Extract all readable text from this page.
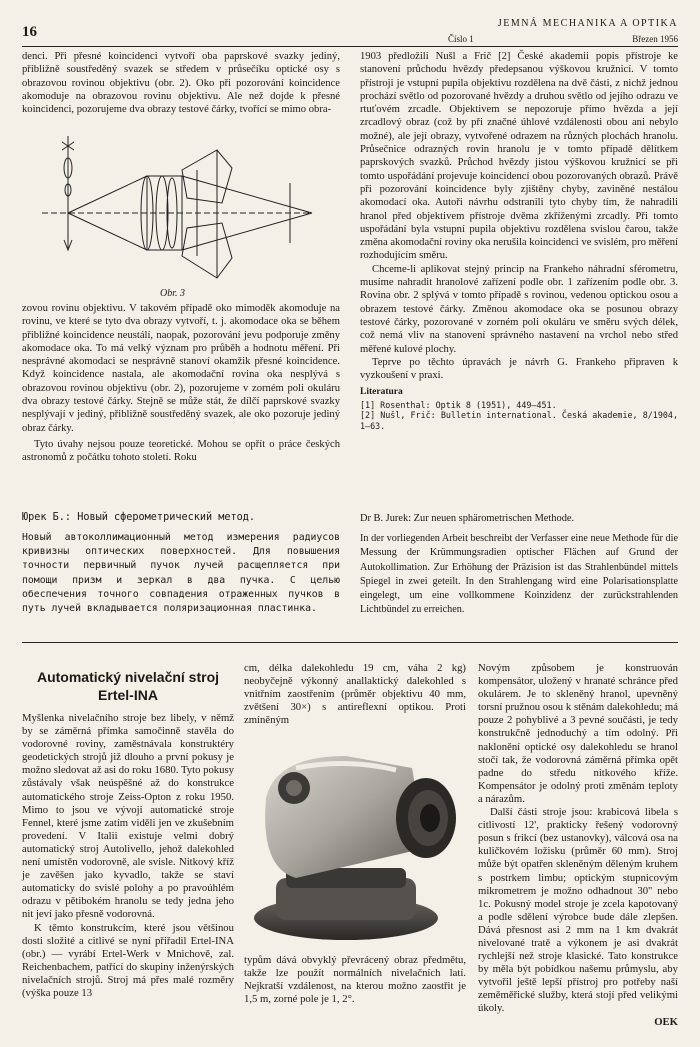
16
JEMNÁ MECHANIKA A OPTIKA
Číslo 1	Březen 1956

denci. Při přesné koincidenci vytvoří oba paprskové svazky jediný, přibližně soustředěný svazek se středem v průsečíku optické osy s obrazovou rovinou objektivu (obr. 2). Oko při pozorování koincidence akomoduje na obrazovou rovinu objektivu. Ale než dojde k přesné koincidenci, pozorujeme dva obrazy testové čárky, tvořící se mimo obra-

Obr. 3

zovou rovinu objektivu. V takovém případě oko mimoděk akomoduje na rovinu, ve které se tyto dva obrazy vytvoří, t. j. akomodace oka se během přibližné koincidence neustálí, naopak, pozorování jevu podporuje změny akomodace oka. To má velký význam pro průběh a hodnotu měření. Při nesprávné akomodaci se nesprávně stanoví okamžik přesné koincidence. Když koincidence nastala, ale akomodační rovina oka nesplývá s obrazovou rovinou objektivu (obr. 2), pozorujeme v zorném poli okuláru dva obrazy testové čárky. Stejně se může stát, že dílčí paprskové svazky nesplývají v jediný, přibližně soustředěný svazek, ale oko pozoruje jediný obraz čárky.

Tyto úvahy nejsou pouze teoretické. Mohou se opřít o práce českých astronomů z počátku tohoto století. Roku

1903 předložili Nušl a Frič [2] České akademii popis přístroje ke stanovení průchodu hvězdy předepsanou výškovou kružnicí. V tomto přístroji je vstupní pupila objektivu rozdělena na dvě části, z nichž jednou prochází světlo od pozorované hvězdy a druhou světlo od jejího odrazu ve rtuťovém zrcadle. Objektivem se nepozoruje přímo hvězda a její zrcadlový obraz (což by při značné úhlové vzdálenosti obou ani nebylo možné), ale její obrazy, vytvořené odrazem na různých plochách hranolu. Průsečnice odrazných rovin hranolu je v tomto případě dělítkem paprskových svazků. Průchod hvězdy jistou výškovou kružnicí se při tomto uspořádání projevuje koincidencí obou pozorovaných obrazů. Právě při pozorování koincidence byly zjištěny chyby, zaviněné nestálou akomodací oka. Autoři návrhu odstranili tyto chyby tím, že nahradili hranol před objektivem přístroje dvěma zkříženými zrcadly. Při tomto uspořádání byla vstupní pupila objektivu rozdělena svislou čarou, takže změna akomodační roviny oka nerušila koincidenci ve svislém, pro měření rozhodujícím směru.

Chceme-li aplikovat stejný princip na Frankeho náhradní sférometru, musíme nahradit hranolové zařízení podle obr. 1 zařízením podle obr. 3. Rovina obr. 2 splývá v tomto případě s rovinou, vedenou optickou osou a obrazem testové čárky. Změnou akomodace oka se posunou obrazy testové čárky, pozorované v zorném poli okuláru ve směru svých délek, což nemá vliv na stanovení správného nastavení na vrchol nebo střed měřené kulové plochy.

Teprve po těchto úpravách je návrh G. Frankeho připraven k vyzkoušení v praxi.

Literatura
[1] Rosenthal: Optik 8 (1951), 449—451.
[2] Nušl, Frič: Bulletin international. Česká akademie, 8/1904, 1—63.
Юрек Б.: Новый сферометрический метод.
Новый автоколлимационный метод измерения радиусов кривизны оптических поверхностей. Для повышения точности первичный пучок лучей расщепляется при помощи призм и зеркал в два пучка. С целью обеспечения точного совпадения отраженных пучков в путь лучей вкладывается поляризационная пластинка.
Dr B. Jurek: Zur neuen sphärometrischen Methode.
In der vorliegenden Arbeit beschreibt der Verfasser eine neue Methode für die Messung der Krümmungsradien optischer Flächen auf Grund der Autokollimation. Zur Erhöhung der Präzision ist das Strahlenbündel mittels Spiegel in zwei geteilt. In den Strahlengang wird eine Polarisationsplatte eingelegt, um eine vollkommene Koinzidenz der zurückstrahlenden Lichtbündel zu erreichen.
Automatický nivelační stroj
Ertel-INA

Myšlenka nivelačního stroje bez libely, v němž by se záměrná přímka samočinně stavěla do vodorovné roviny, zaměstnávala konstruktéry geodetických strojů již dlouho a první pokusy je možno sledovat až asi do roku 1680. Tyto pokusy zůstávaly však neúspěšné až do konstrukce automatického stroje Zeiss-Opton z roku 1950. Mimo to jsou ve vývoji automatické stroje Fennel, které jsme zatím viděli jen ve zkušebním provedení. V Italii existuje velmi dobrý automatický stroj Autolivello, jehož dalekohled není umístěn vodorovně, ale svisle. Nitkový kříž je zavěšen jako kyvadlo, takže se staví automaticky do svislé polohy a po pravoúhlém odrazu v pětibokém hranolu se tedy jedna jeho nit jeví jako přesně vodorovná.

K těmto konstrukcím, které jsou většinou dosti složité a citlivé se nyní přiřadil Ertel-INA (obr.) — vyrábí Ertel-Werk v Mnichově, zal. Reichenbachem, patřící do skupiny inženýrských nivelačních strojů. Stroj má přes malé rozměry (výška pouze 13

cm, délka dalekohledu 19 cm, váha 2 kg) neobyčejně výkonný anallaktický dalekohled s vnitřním zaostřením (průměr objektivu 40 mm, zvětšení 30×) s antireflexní optikou. Proti zmíněným

typům dává obvyklý převrácený obraz předmětu, takže lze použít normálních nivelačních latí. Nejkratší vzdálenost, na kterou možno zaostřit je 1,5 m, zorné pole je 1, 2°.

Novým způsobem je konstruován kompensátor, uložený v hranaté schránce před okulárem. Je to skleněný hranol, upevněný torsní pružnou osou k stěnám dalekohledu; má pouze 2 pohyblivé a 3 pevné součásti, je tedy konstrukčně jednoduchý a tím odolný. Při naklonění optické osy dalekohledu se hranol stočí tak, že vodorovná záměrná přímka opět padne do středu nitkového kříže. Kompensátor je odolný proti změnám teploty a nárazům.

Další části stroje jsou: krabicová libela s citlivostí 12', prakticky řešený vodorovný posun s frikcí (bez ustanovky), válcová osa na kuličkovém ložisku (průměr 60 mm). Stroj může být opatřen skleněným děleným kruhem s postrkem limbu; optickým stupnicovým mikrometrem je možno odhadnout 30" nebo 1c. Pokusný model stroje je zcela kapotovaný a podle sdělení výrobce bude dále zlepšen. Dává přesnost asi 2 mm na 1 km dvakrát nivelované tratě a výkonem je asi dvakrát rychlejší než stroje klasické. Tato konstrukce by měla být pobídkou našemu průmyslu, aby vytvořil ještě lepší přístroj pro potřeby naší zeměměřické služby, která stojí před velikými úkoly.

OEK
